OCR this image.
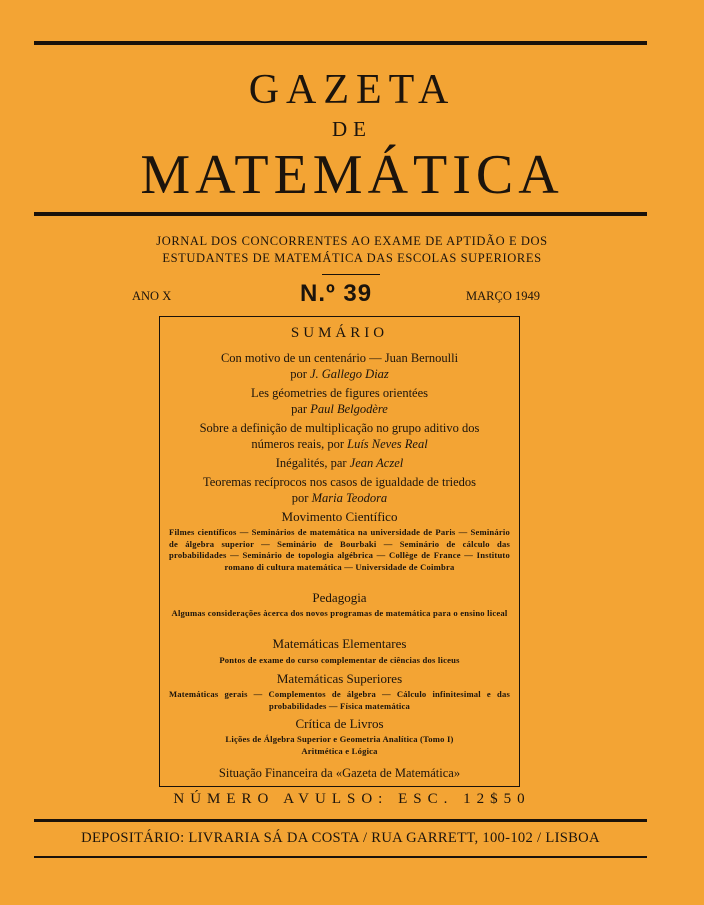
GAZETA
DE
MATEMÁTICA
JORNAL DOS CONCORRENTES AO EXAME DE APTIDÃO E DOS
ESTUDANTES DE MATEMÁTICA DAS ESCOLAS SUPERIORES
ANO X	N.º 39	MARÇO 1949
SUMÁRIO
Con motivo de un centenário — Juan Bernoulli
por J. Gallego Diaz
Les géometries de figures orientées
par Paul Belgodère
Sobre a definição de multiplicação no grupo aditivo dos
números reais, por Luís Neves Real
Inégalités, par Jean Aczel
Teoremas recíprocos nos casos de igualdade de triedos
por Maria Teodora
Movimento Científico
Filmes científicos — Seminários de matemática na universidade de Paris — Seminário de álgebra superior — Seminário de Bourbaki — Seminário de cálculo das probabilidades — Seminário de topologia algébrica — Collège de France — Instituto romano di cultura matemática — Universidade de Coimbra
Pedagogia
Algumas considerações àcerca dos novos programas de matemática para o ensino liceal
Matemáticas Elementares
Pontos de exame do curso complementar de ciências dos liceus
Matemáticas Superiores
Matemáticas gerais — Complementos de álgebra — Cálculo infinitesimal e das probabilidades — Física matemática
Crítica de Livros
Lições de Álgebra Superior e Geometria Analítica (Tomo I)
Aritmética e Lógica
Situação Financeira da «Gazeta de Matemática»
NÚMERO AVULSO: ESC. 12$50
DEPOSITÁRIO: LIVRARIA SÁ DA COSTA / RUA GARRETT, 100-102 / LISBOA
